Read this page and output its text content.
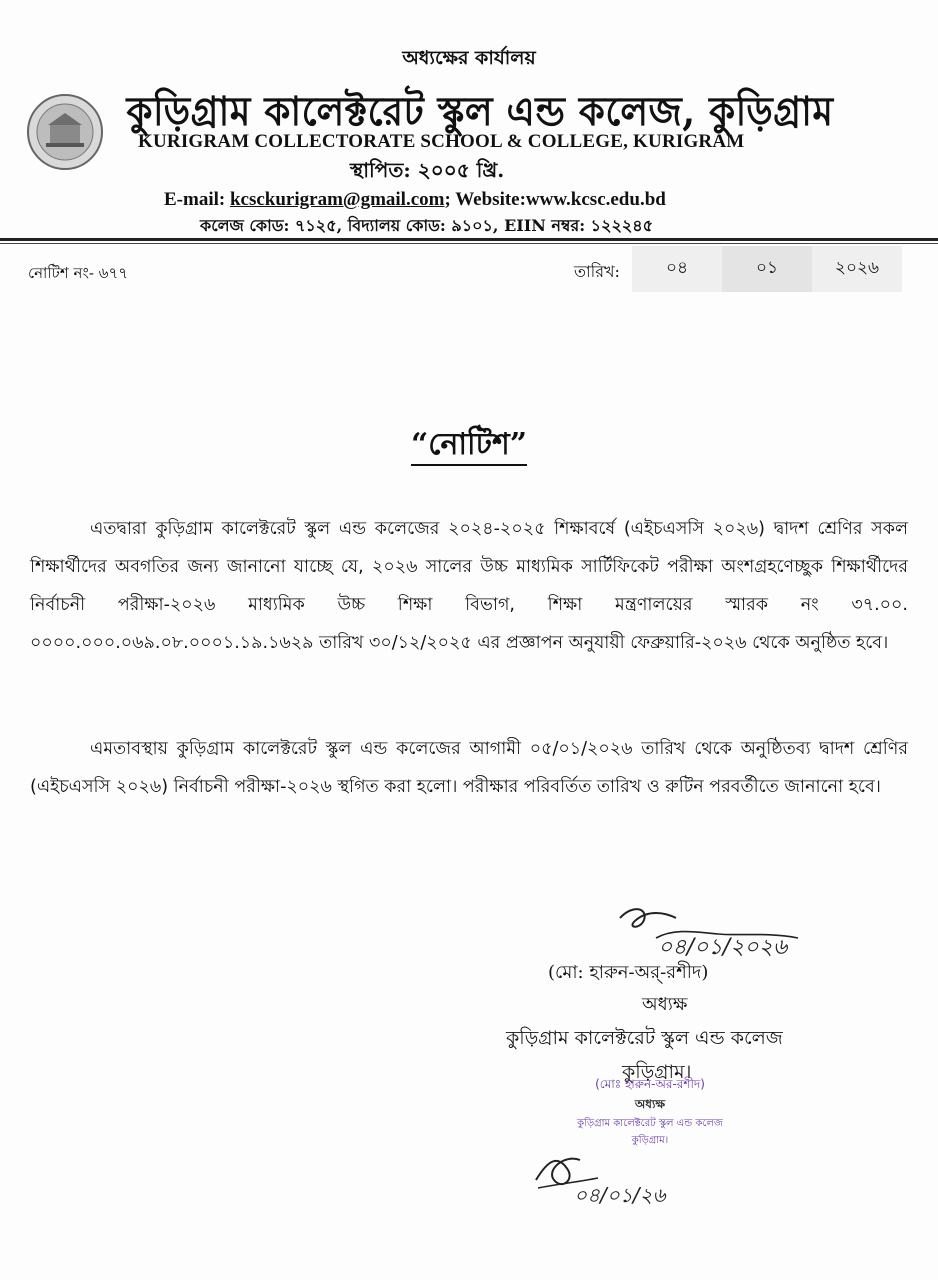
অধ্যক্ষের কার্যালয়
কুড়িগ্রাম কালেক্টরেট স্কুল এন্ড কলেজ, কুড়িগ্রাম
KURIGRAM COLLECTORATE SCHOOL & COLLEGE, KURIGRAM
স্থাপিত: ২০০৫ খ্রি.
E-mail: kcsckurigram@gmail.com; Website:www.kcsc.edu.bd
কলেজ কোড: ৭১২৫, বিদ্যালয় কোড: ৯১০১, EIIN নম্বর: ১২২২৪৫
নোটিশ নং- ৬৭৭	তারিখ:	০৪	০১	২০২৬
“নোটিশ”

এতদ্বারা কুড়িগ্রাম কালেক্টরেট স্কুল এন্ড কলেজের ২০২৪-২০২৫ শিক্ষাবর্ষে (এইচএসসি ২০২৬) দ্বাদশ শ্রেণির সকল শিক্ষার্থীদের অবগতির জন্য জানানো যাচ্ছে যে, ২০২৬ সালের উচ্চ মাধ্যমিক সার্টিফিকেট পরীক্ষা অংশগ্রহণেচ্ছুক শিক্ষার্থীদের নির্বাচনী পরীক্ষা-২০২৬ মাধ্যমিক উচ্চ শিক্ষা বিভাগ, শিক্ষা মন্ত্রণালয়ের স্মারক নং ৩৭.০০. ০০০০.০০০.০৬৯.০৮.০০০১.১৯.১৬২৯ তারিখ ৩০/১২/২০২৫ এর প্রজ্ঞাপন অনুযায়ী ফেব্রুয়ারি-২০২৬ থেকে অনুষ্ঠিত হবে।

এমতাবস্থায় কুড়িগ্রাম কালেক্টরেট স্কুল এন্ড কলেজের আগামী ০৫/০১/২০২৬ তারিখ থেকে অনুষ্ঠিতব্য দ্বাদশ শ্রেণির (এইচএসসি ২০২৬) নির্বাচনী পরীক্ষা-২০২৬ স্থগিত করা হলো। পরীক্ষার পরিবর্তিত তারিখ ও রুটিন পরবর্তীতে জানানো হবে।

০৪/০১/২০২৬
(মো: হারুন-অর্-রশীদ)
অধ্যক্ষ
কুড়িগ্রাম কালেক্টরেট স্কুল এন্ড কলেজ
কুড়িগ্রাম।
(মোঃ হারুন-অর-রশীদ)
অধ্যক্ষ
কুড়িগ্রাম কালেক্টরেট স্কুল এন্ড কলেজ
কুড়িগ্রাম।
০৪/০১/২৬
